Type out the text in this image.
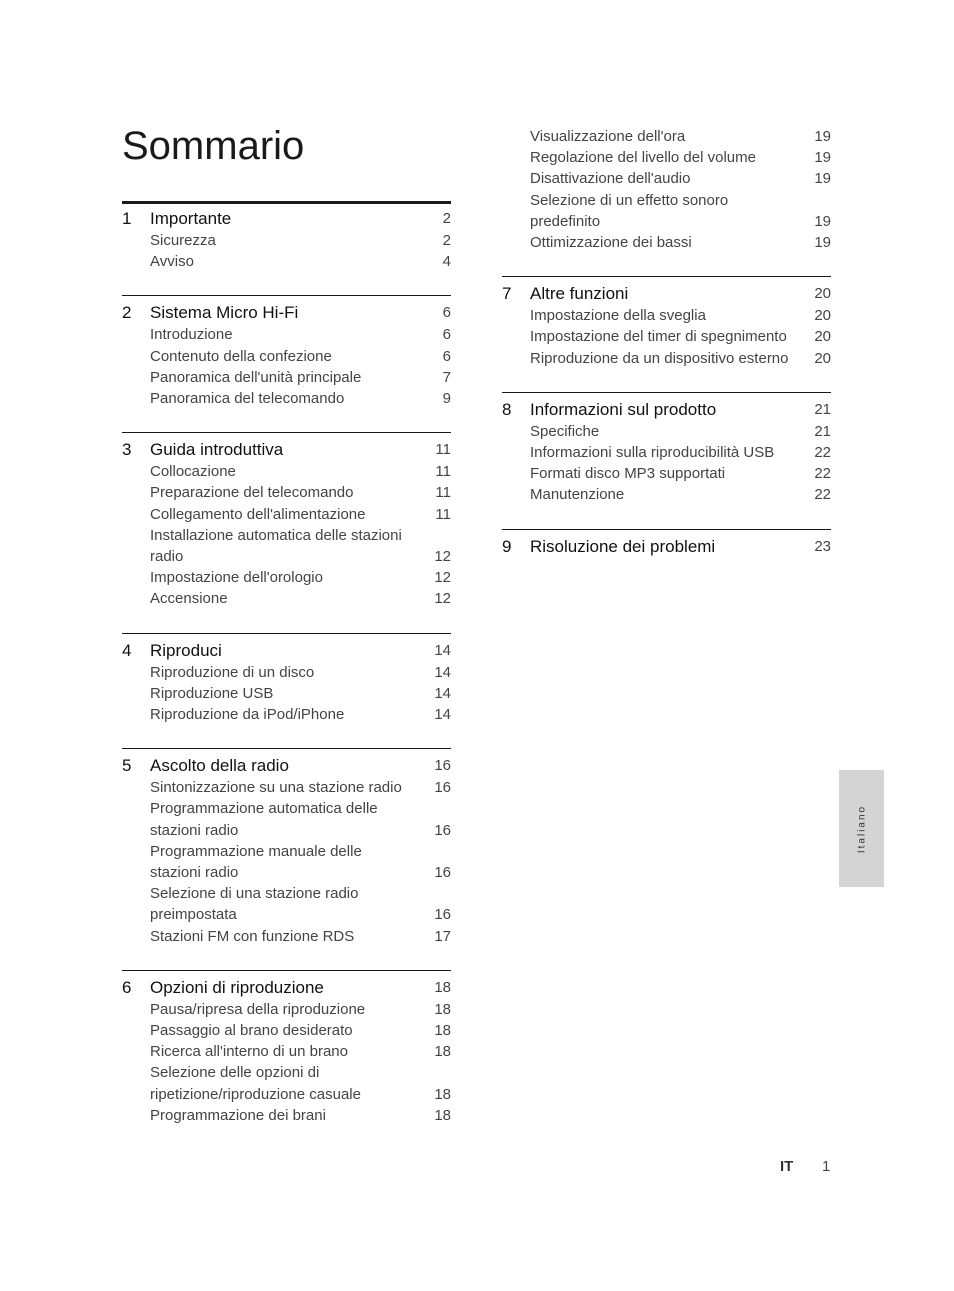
Sommario
1	Importante	2
Sicurezza	2
Avviso	4
2	Sistema Micro Hi-Fi	6
Introduzione	6
Contenuto della confezione	6
Panoramica dell'unità principale	7
Panoramica del telecomando	9
3	Guida introduttiva	11
Collocazione	11
Preparazione del telecomando	11
Collegamento dell'alimentazione	11
Installazione automatica delle stazioni radio	12
Impostazione dell'orologio	12
Accensione	12
4	Riproduci	14
Riproduzione di un disco	14
Riproduzione USB	14
Riproduzione da iPod/iPhone	14
5	Ascolto della radio	16
Sintonizzazione su una stazione radio	16
Programmazione automatica delle stazioni radio	16
Programmazione manuale delle stazioni radio	16
Selezione di una stazione radio preimpostata	16
Stazioni FM con funzione RDS	17
6	Opzioni di riproduzione	18
Pausa/ripresa della riproduzione	18
Passaggio al brano desiderato	18
Ricerca all'interno di un brano	18
Selezione delle opzioni di ripetizione/riproduzione casuale	18
Programmazione dei brani	18
Visualizzazione dell'ora	19
Regolazione del livello del volume	19
Disattivazione dell'audio	19
Selezione di un effetto sonoro predefinito	19
Ottimizzazione dei bassi	19
7	Altre funzioni	20
Impostazione della sveglia	20
Impostazione del timer di spegnimento	20
Riproduzione da un dispositivo esterno	20
8	Informazioni sul prodotto	21
Specifiche	21
Informazioni sulla riproducibilità USB	22
Formati disco MP3 supportati	22
Manutenzione	22
9	Risoluzione dei problemi	23
Italiano
IT 1
